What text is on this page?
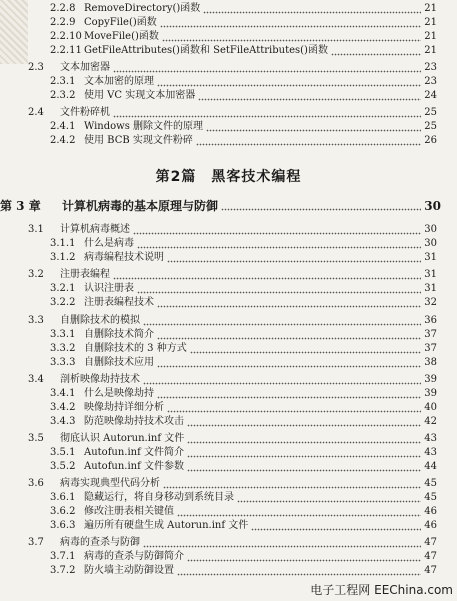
2.2.8 RemoveDirectory()函数	21
2.2.9 CopyFile()函数	21
2.2.10 MoveFile()函数	21
2.2.11 GetFileAttributes()函数和 SetFileAttributes()函数	21
2.3 文本加密器	23
2.3.1 文本加密的原理	23
2.3.2 使用 VC 实现文本加密器	24
2.4 文件粉碎机	25
2.4.1 Windows 删除文件的原理	25
2.4.2 使用 BCB 实现文件粉碎	26
第 3 章 计算机病毒的基本原理与防御	30
3.1 计算机病毒概述	30
3.1.1 什么是病毒	30
3.1.2 病毒编程技术说明	31
3.2 注册表编程	31
3.2.1 认识注册表	31
3.2.2 注册表编程技术	32
3.3 自删除技术的模拟	36
3.3.1 自删除技术简介	37
3.3.2 自删除技术的 3 种方式	37
3.3.3 自删除技术应用	38
3.4 剖析映像劫持技术	39
3.4.1 什么是映像劫持	39
3.4.2 映像劫持详细分析	40
3.4.3 防范映像劫持技术攻击	42
3.5 彻底认识 Autorun.inf 文件	43
3.5.1 Autofun.inf 文件简介	43
3.5.2 Autofun.inf 文件参数	44
3.6 病毒实现典型代码分析	45
3.6.1 隐藏运行，将自身移动到系统目录	45
3.6.2 修改注册表相关键值	46
3.6.3 遍历所有硬盘生成 Autorun.inf 文件	46
3.7 病毒的查杀与防御	47
3.7.1 病毒的查杀与防御简介	47
3.7.2 防火墙主动防御设置	47
第2篇　黑客技术编程
电子工程网 EEChina.com
